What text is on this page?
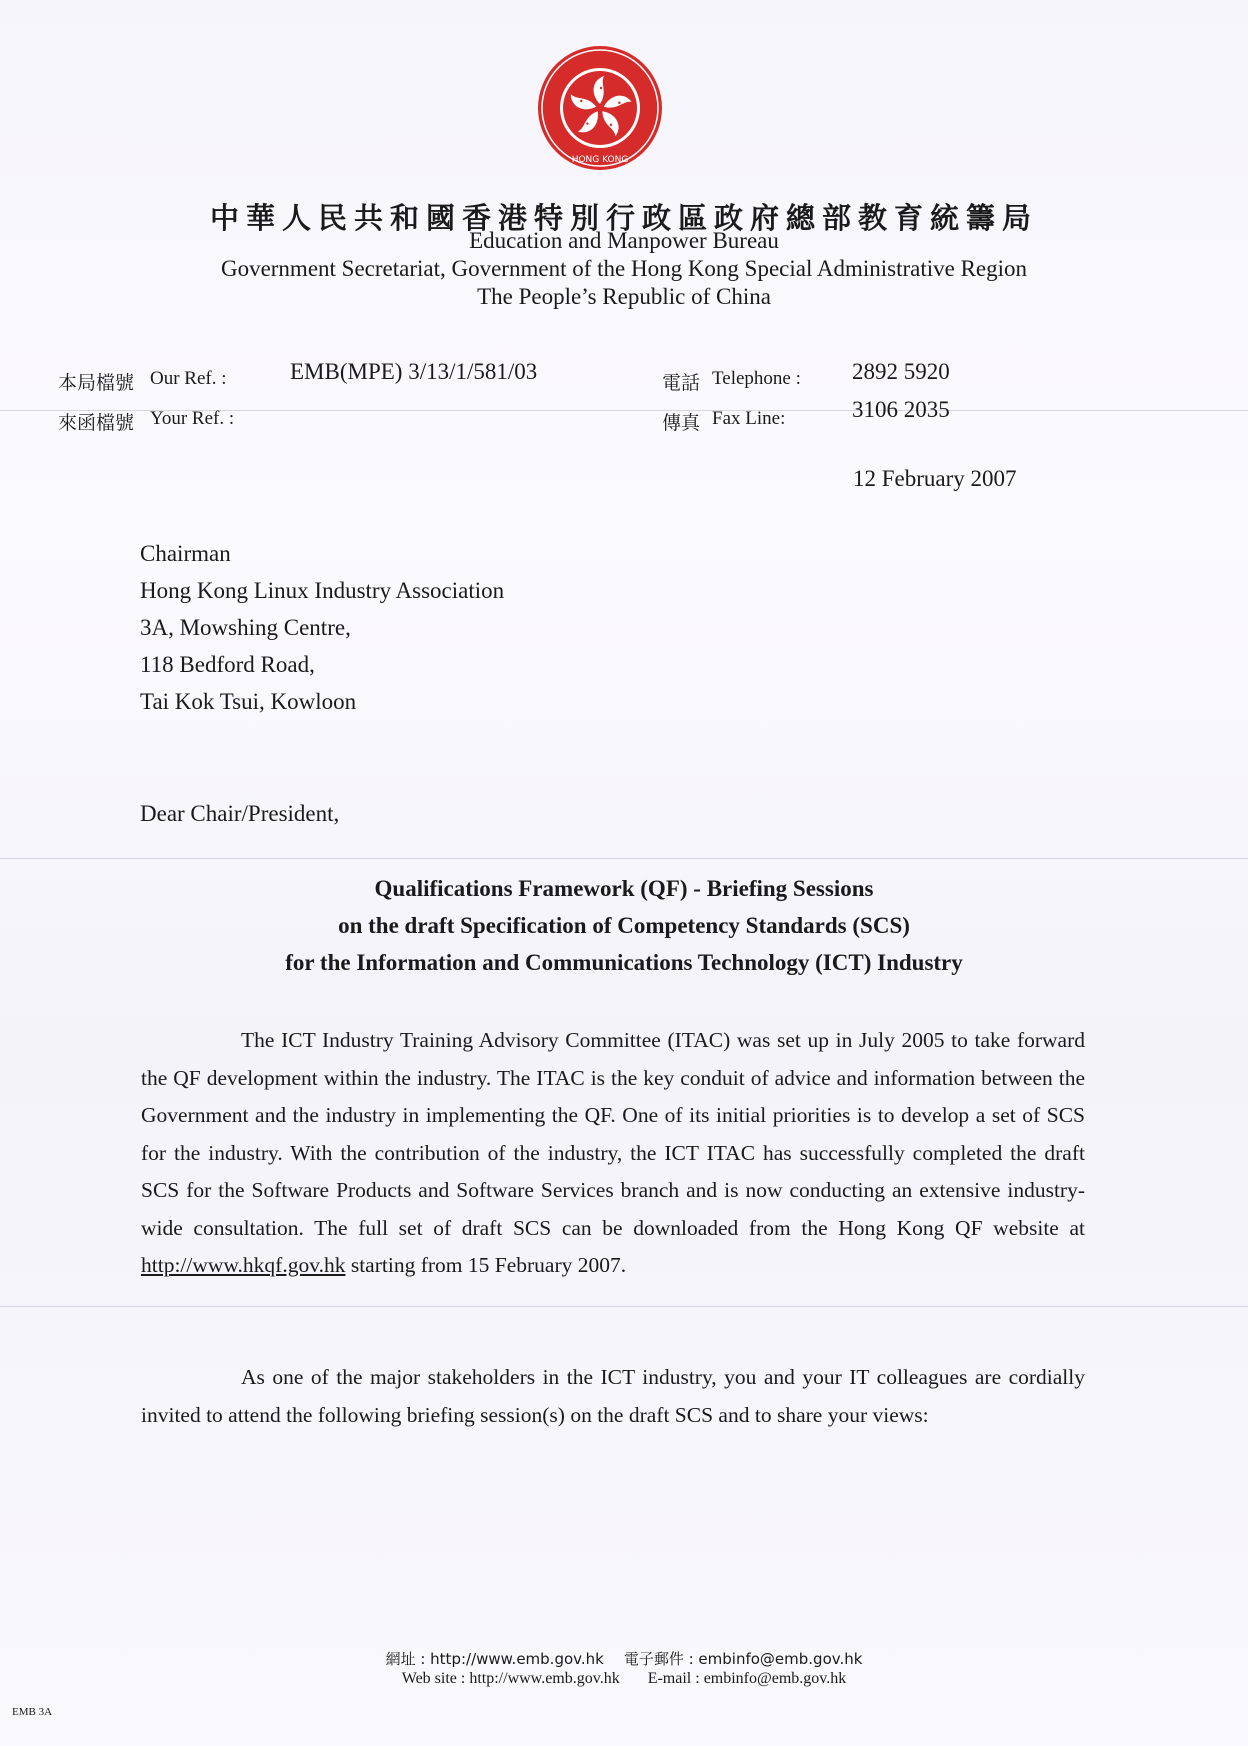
HONG KONG
中華人民共和國香港特別行政區政府總部教育統籌局
Education and Manpower Bureau
Government Secretariat, Government of the Hong Kong Special Administrative Region
The People’s Republic of China
本局檔號 Our Ref. :	EMB(MPE) 3/13/1/581/03
來函檔號 Your Ref. :
電話 Telephone : 2892 5920
傳真 Fax Line:	3106 2035
12 February 2007
Chairman
Hong Kong Linux Industry Association
3A, Mowshing Centre,
118 Bedford Road,
Tai Kok Tsui, Kowloon
Dear Chair/President,
Qualifications Framework (QF) - Briefing Sessions
on the draft Specification of Competency Standards (SCS)
for the Information and Communications Technology (ICT) Industry
The ICT Industry Training Advisory Committee (ITAC) was set up in July 2005 to take forward the QF development within the industry. The ITAC is the key conduit of advice and information between the Government and the industry in implementing the QF. One of its initial priorities is to develop a set of SCS for the industry. With the contribution of the industry, the ICT ITAC has successfully completed the draft SCS for the Software Products and Software Services branch and is now conducting an extensive industry-wide consultation. The full set of draft SCS can be downloaded from the Hong Kong QF website at http://www.hkqf.gov.hk starting from 15 February 2007.
As one of the major stakeholders in the ICT industry, you and your IT colleagues are cordially invited to attend the following briefing session(s) on the draft SCS and to share your views:
網址 : http://www.emb.gov.hk 電子郵件 : embinfo@emb.gov.hk
Web site : http://www.emb.gov.hk E-mail : embinfo@emb.gov.hk
EMB 3A
